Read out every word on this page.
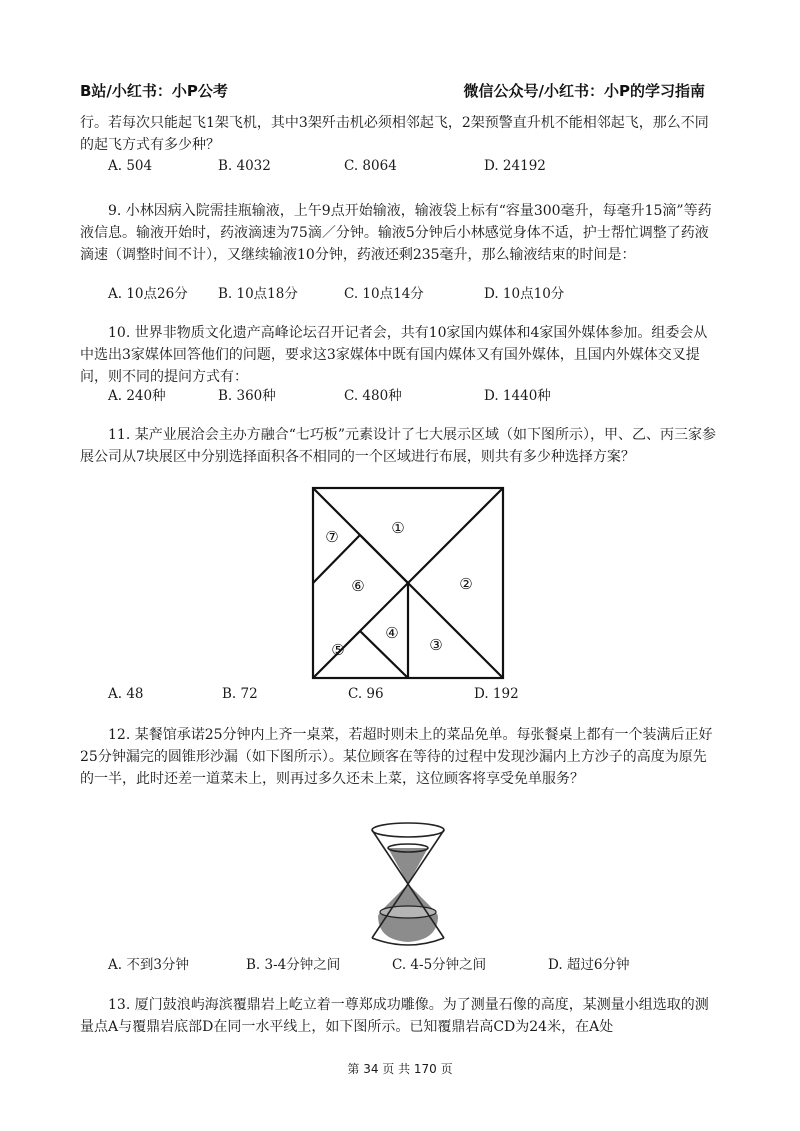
B站/小红书：小P公考	微信公众号/小红书：小P的学习指南
行。若每次只能起飞1架飞机，其中3架歼击机必须相邻起飞，2架预警直升机不能相邻起飞，那么不同的起飞方式有多少种？
A. 504	B. 4032	C. 8064	D. 24192
9. 小林因病入院需挂瓶输液，上午9点开始输液，输液袋上标有“容量300毫升，每毫升15滴”等药液信息。输液开始时，药液滴速为75滴／分钟。输液5分钟后小林感觉身体不适，护士帮忙调整了药液滴速（调整时间不计），又继续输液10分钟，药液还剩235毫升，那么输液结束的时间是：
A. 10点26分 B. 10点18分	C. 10点14分	D. 10点10分
10. 世界非物质文化遗产高峰论坛召开记者会，共有10家国内媒体和4家国外媒体参加。组委会从中选出3家媒体回答他们的问题，要求这3家媒体中既有国内媒体又有国外媒体，且国内外媒体交叉提问，则不同的提问方式有：
A. 240种	B. 360种	C. 480种	D. 1440种
11. 某产业展洽会主办方融合“七巧板”元素设计了七大展示区域（如下图所示），甲、乙、丙三家参展公司从7块展区中分别选择面积各不相同的一个区域进行布展，则共有多少种选择方案？
①
②
③
④
⑤
⑥
⑦
A. 48	B. 72	C. 96	D. 192
12. 某餐馆承诺25分钟内上齐一桌菜，若超时则未上的菜品免单。每张餐桌上都有一个装满后正好25分钟漏完的圆锥形沙漏（如下图所示）。某位顾客在等待的过程中发现沙漏内上方沙子的高度为原先的一半，此时还差一道菜未上，则再过多久还未上菜，这位顾客将享受免单服务？
A. 不到3分钟	B. 3-4分钟之间	C. 4-5分钟之间	D. 超过6分钟
13. 厦门鼓浪屿海滨覆鼎岩上屹立着一尊郑成功雕像。为了测量石像的高度，某测量小组选取的测量点A与覆鼎岩底部D在同一水平线上，如下图所示。已知覆鼎岩高CD为24米，在A处
第 34 页 共 170 页
